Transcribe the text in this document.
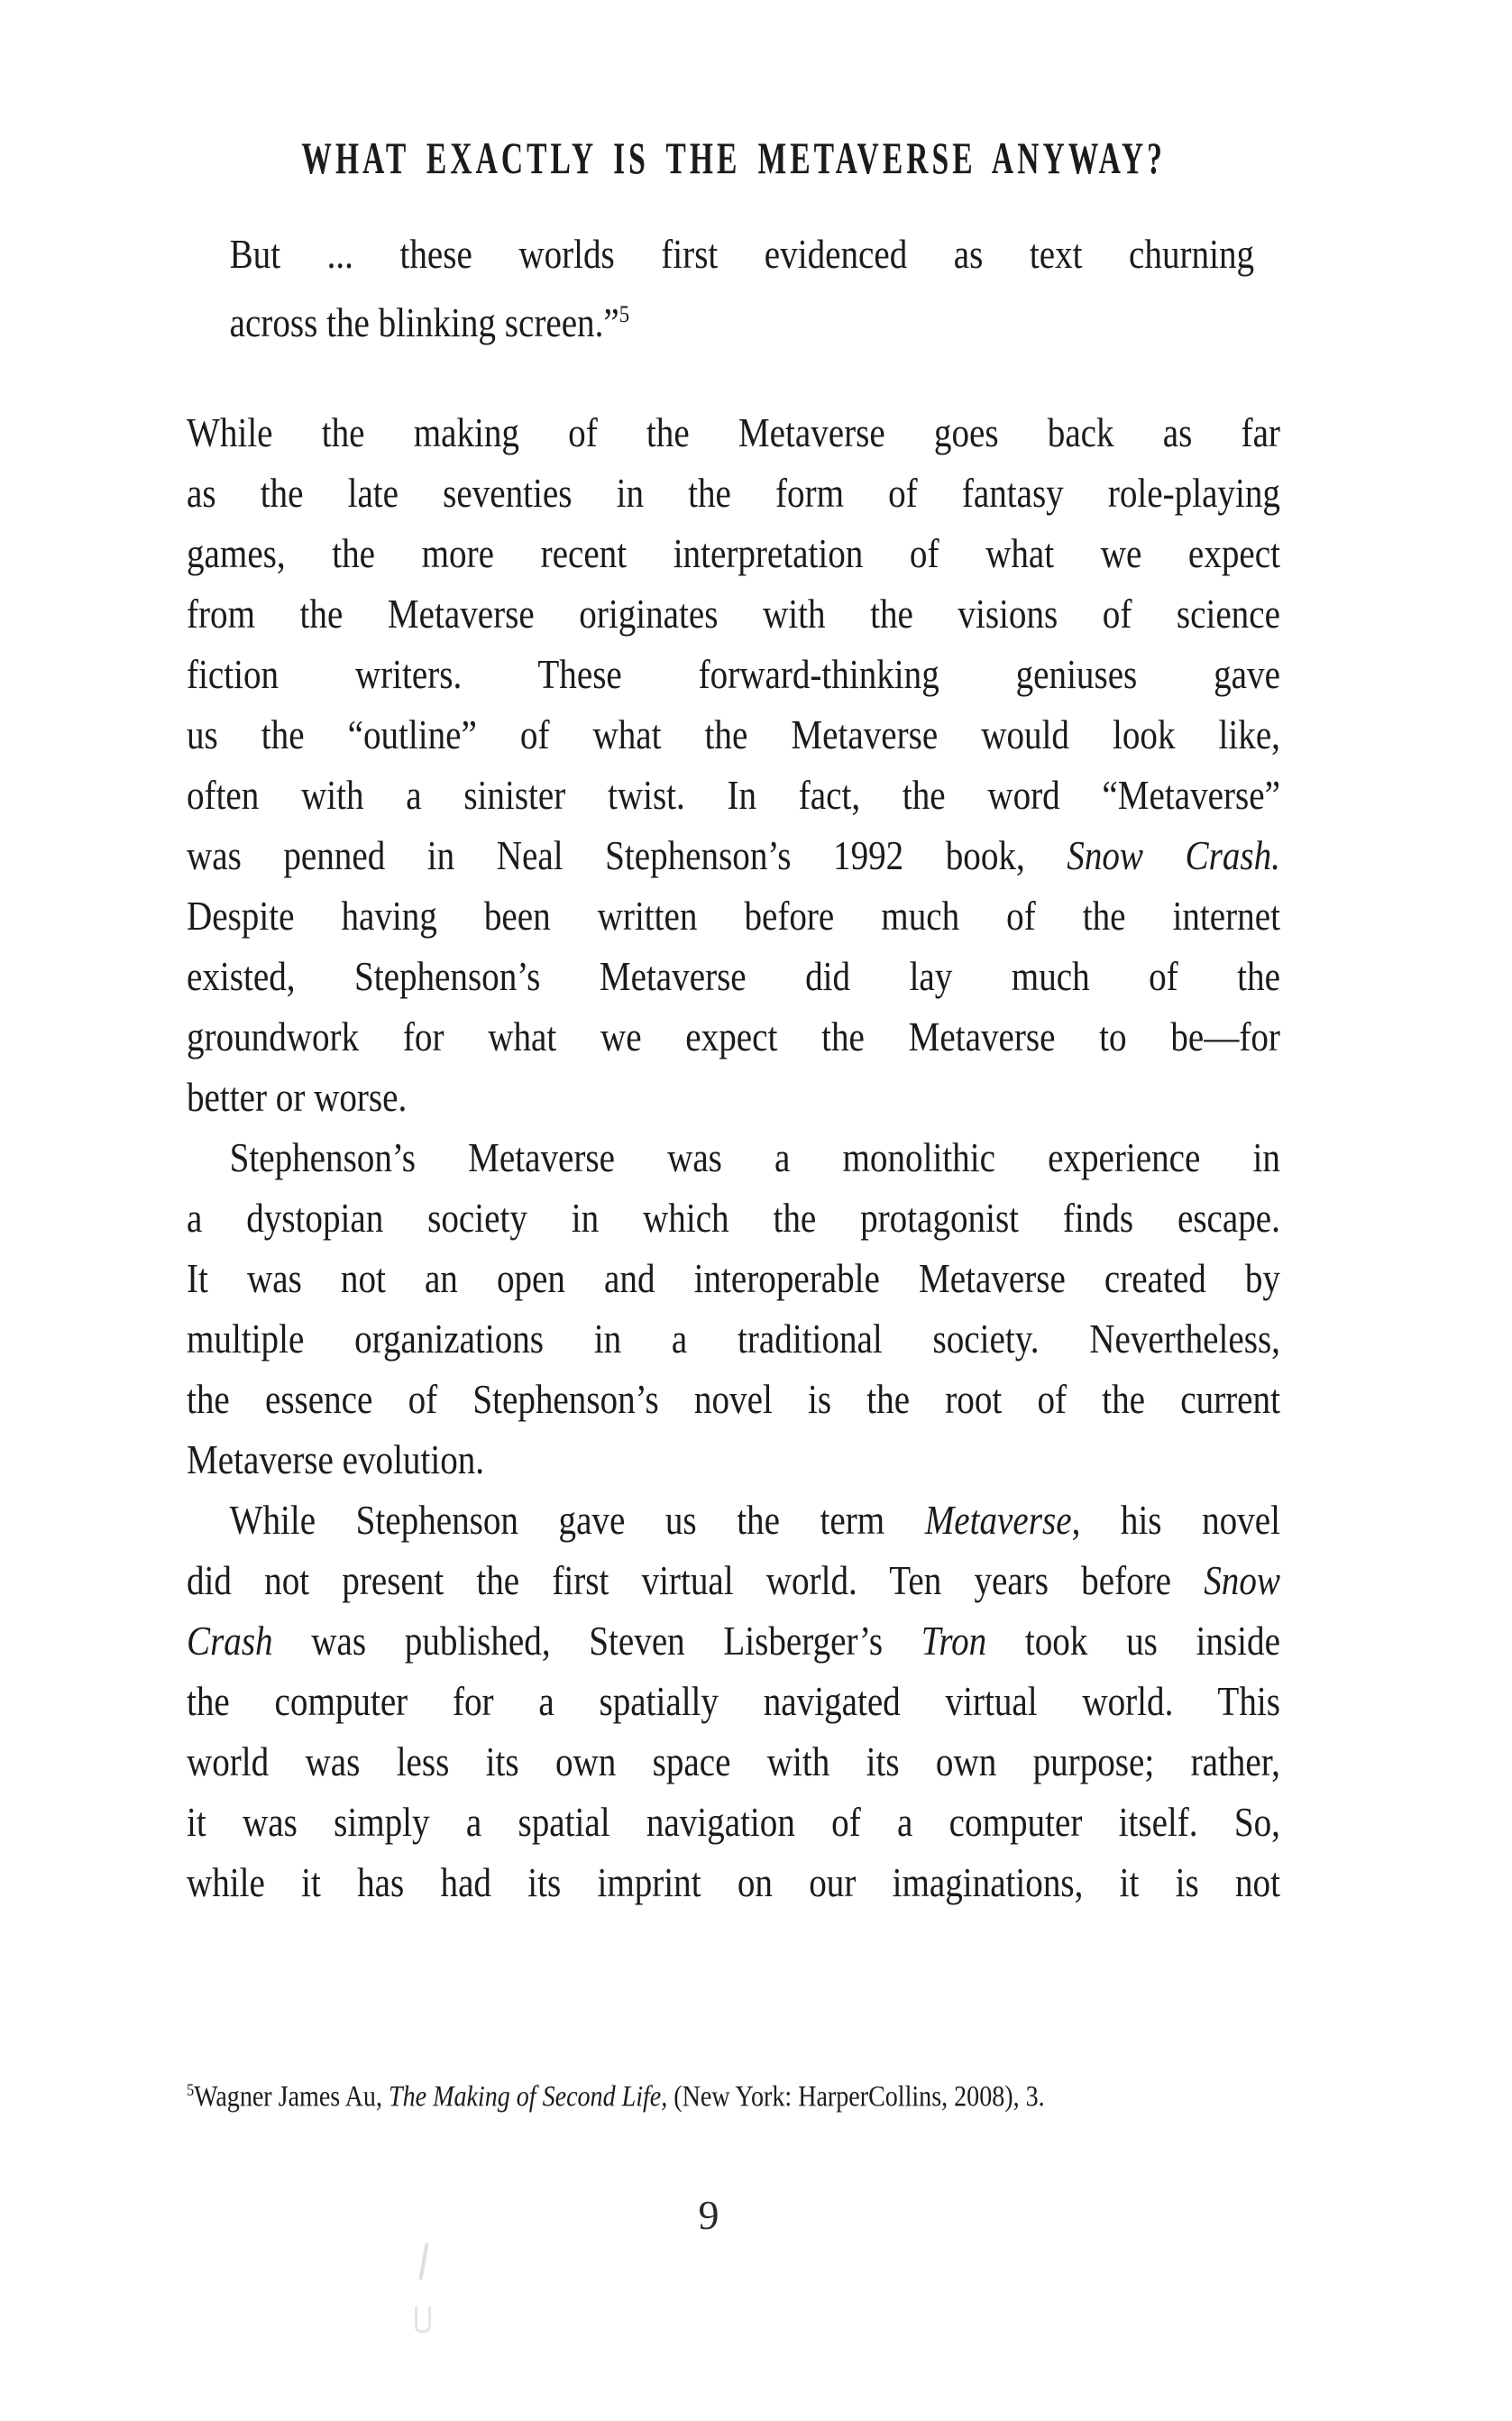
WHAT EXACTLY IS THE METAVERSE ANYWAY?
But ... these worlds first evidenced as text churning
across the blinking screen.”$^5$
While the making of the Metaverse goes back as far
as the late seventies in the form of fantasy role-playing
games, the more recent interpretation of what we expect
from the Metaverse originates with the visions of science
fiction writers. These forward-thinking geniuses gave
us the “outline” of what the Metaverse would look like,
often with a sinister twist. In fact, the word “Metaverse”
was penned in Neal Stephenson’s 1992 book, Snow Crash.
Despite having been written before much of the internet
existed, Stephenson’s Metaverse did lay much of the
groundwork for what we expect the Metaverse to be—for
better or worse.
Stephenson’s Metaverse was a monolithic experience in
a dystopian society in which the protagonist finds escape.
It was not an open and interoperable Metaverse created by
multiple organizations in a traditional society. Nevertheless,
the essence of Stephenson’s novel is the root of the current
Metaverse evolution.
While Stephenson gave us the term Metaverse, his novel
did not present the first virtual world. Ten years before Snow
Crash was published, Steven Lisberger’s Tron took us inside
the computer for a spatially navigated virtual world. This
world was less its own space with its own purpose; rather,
it was simply a spatial navigation of a computer itself. So,
while it has had its imprint on our imaginations, it is not
$^5$Wagner James Au, The Making of Second Life, (New York: HarperCollins, 2008), 3.
9
